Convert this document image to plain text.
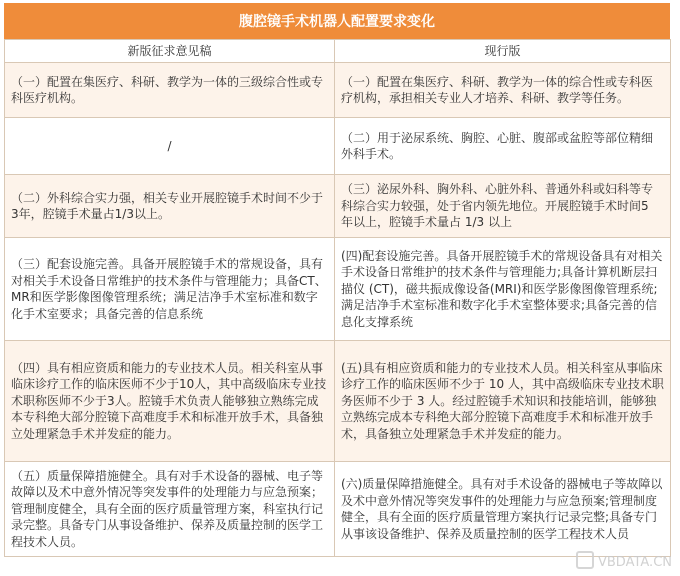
腹腔镜手术机器人配置要求变化
新版征求意见稿	现行版
（一）配置在集医疗、科研、教学为一体的三级综合性或专科医疗机构。	（一）配置在集医疗、科研、教学为一体的综合性或专科医疗机构，承担相关专业人才培养、科研、教学等任务。
/	（二）用于泌尿系统、胸腔、心脏、腹部或盆腔等部位精细外科手术。
（二）外科综合实力强，相关专业开展腔镜手术时间不少于3年，腔镜手术量占1/3以上。	（三）泌尿外科、胸外科、心脏外科、普通外科或妇科等专科综合实力较强，处于省内领先地位。开展腔镜手术时间5 年以上，腔镜手术量占 1/3 以上
（三）配套设施完善。具备开展腔镜手术的常规设备，具有对相关手术设备日常维护的技术条件与管理能力；具备CT、MR和医学影像图像管理系统；满足洁净手术室标准和数字化手术室要求；具备完善的信息系统	(四)配套设施完善。具备开展腔镜手术的常规设备具有对相关手术设备日常维护的技术条件与管理能力;具备计算机断层扫描仪 (CT)，磁共振成像设备(MRI)和医学影像图像管理系统;满足洁净手术室标准和数字化手术室整体要求;具备完善的信息化支撑系统
（四）具有相应资质和能力的专业技术人员。相关科室从事临床诊疗工作的临床医师不少于10人，其中高级临床专业技术职称医师不少于3人。腔镜手术负责人能够独立熟练完成本专科绝大部分腔镜下高难度手术和标准开放手术，具备独立处理紧急手术并发症的能力。	(五)具有相应资质和能力的专业技术人员。相关科室从事临床诊疗工作的临床医师不少于 10 人，其中高级临床专业技术职务医师不少于 3 人。经过腔镜手术知识和技能培训，能够独立熟练完成本专科绝大部分腔镜下高难度手术和标准开放手术，具备独立处理紧急手术并发症的能力。
（五）质量保障措施健全。具有对手术设备的器械、电子等故障以及术中意外情况等突发事件的处理能力与应急预案；管理制度健全，具有全面的医疗质量管理方案，科室执行记录完整。具备专门从事设备维护、保养及质量控制的医学工程技术人员。	(六)质量保障措施健全。具有对手术设备的器械电子等故障以及术中意外情况等突发事件的处理能力与应急预案;管理制度健全，具有全面的医疗质量管理方案执行记录完整;具备专门从事该设备维护、保养及质量控制的医学工程技术人员
VBDATA.CN
